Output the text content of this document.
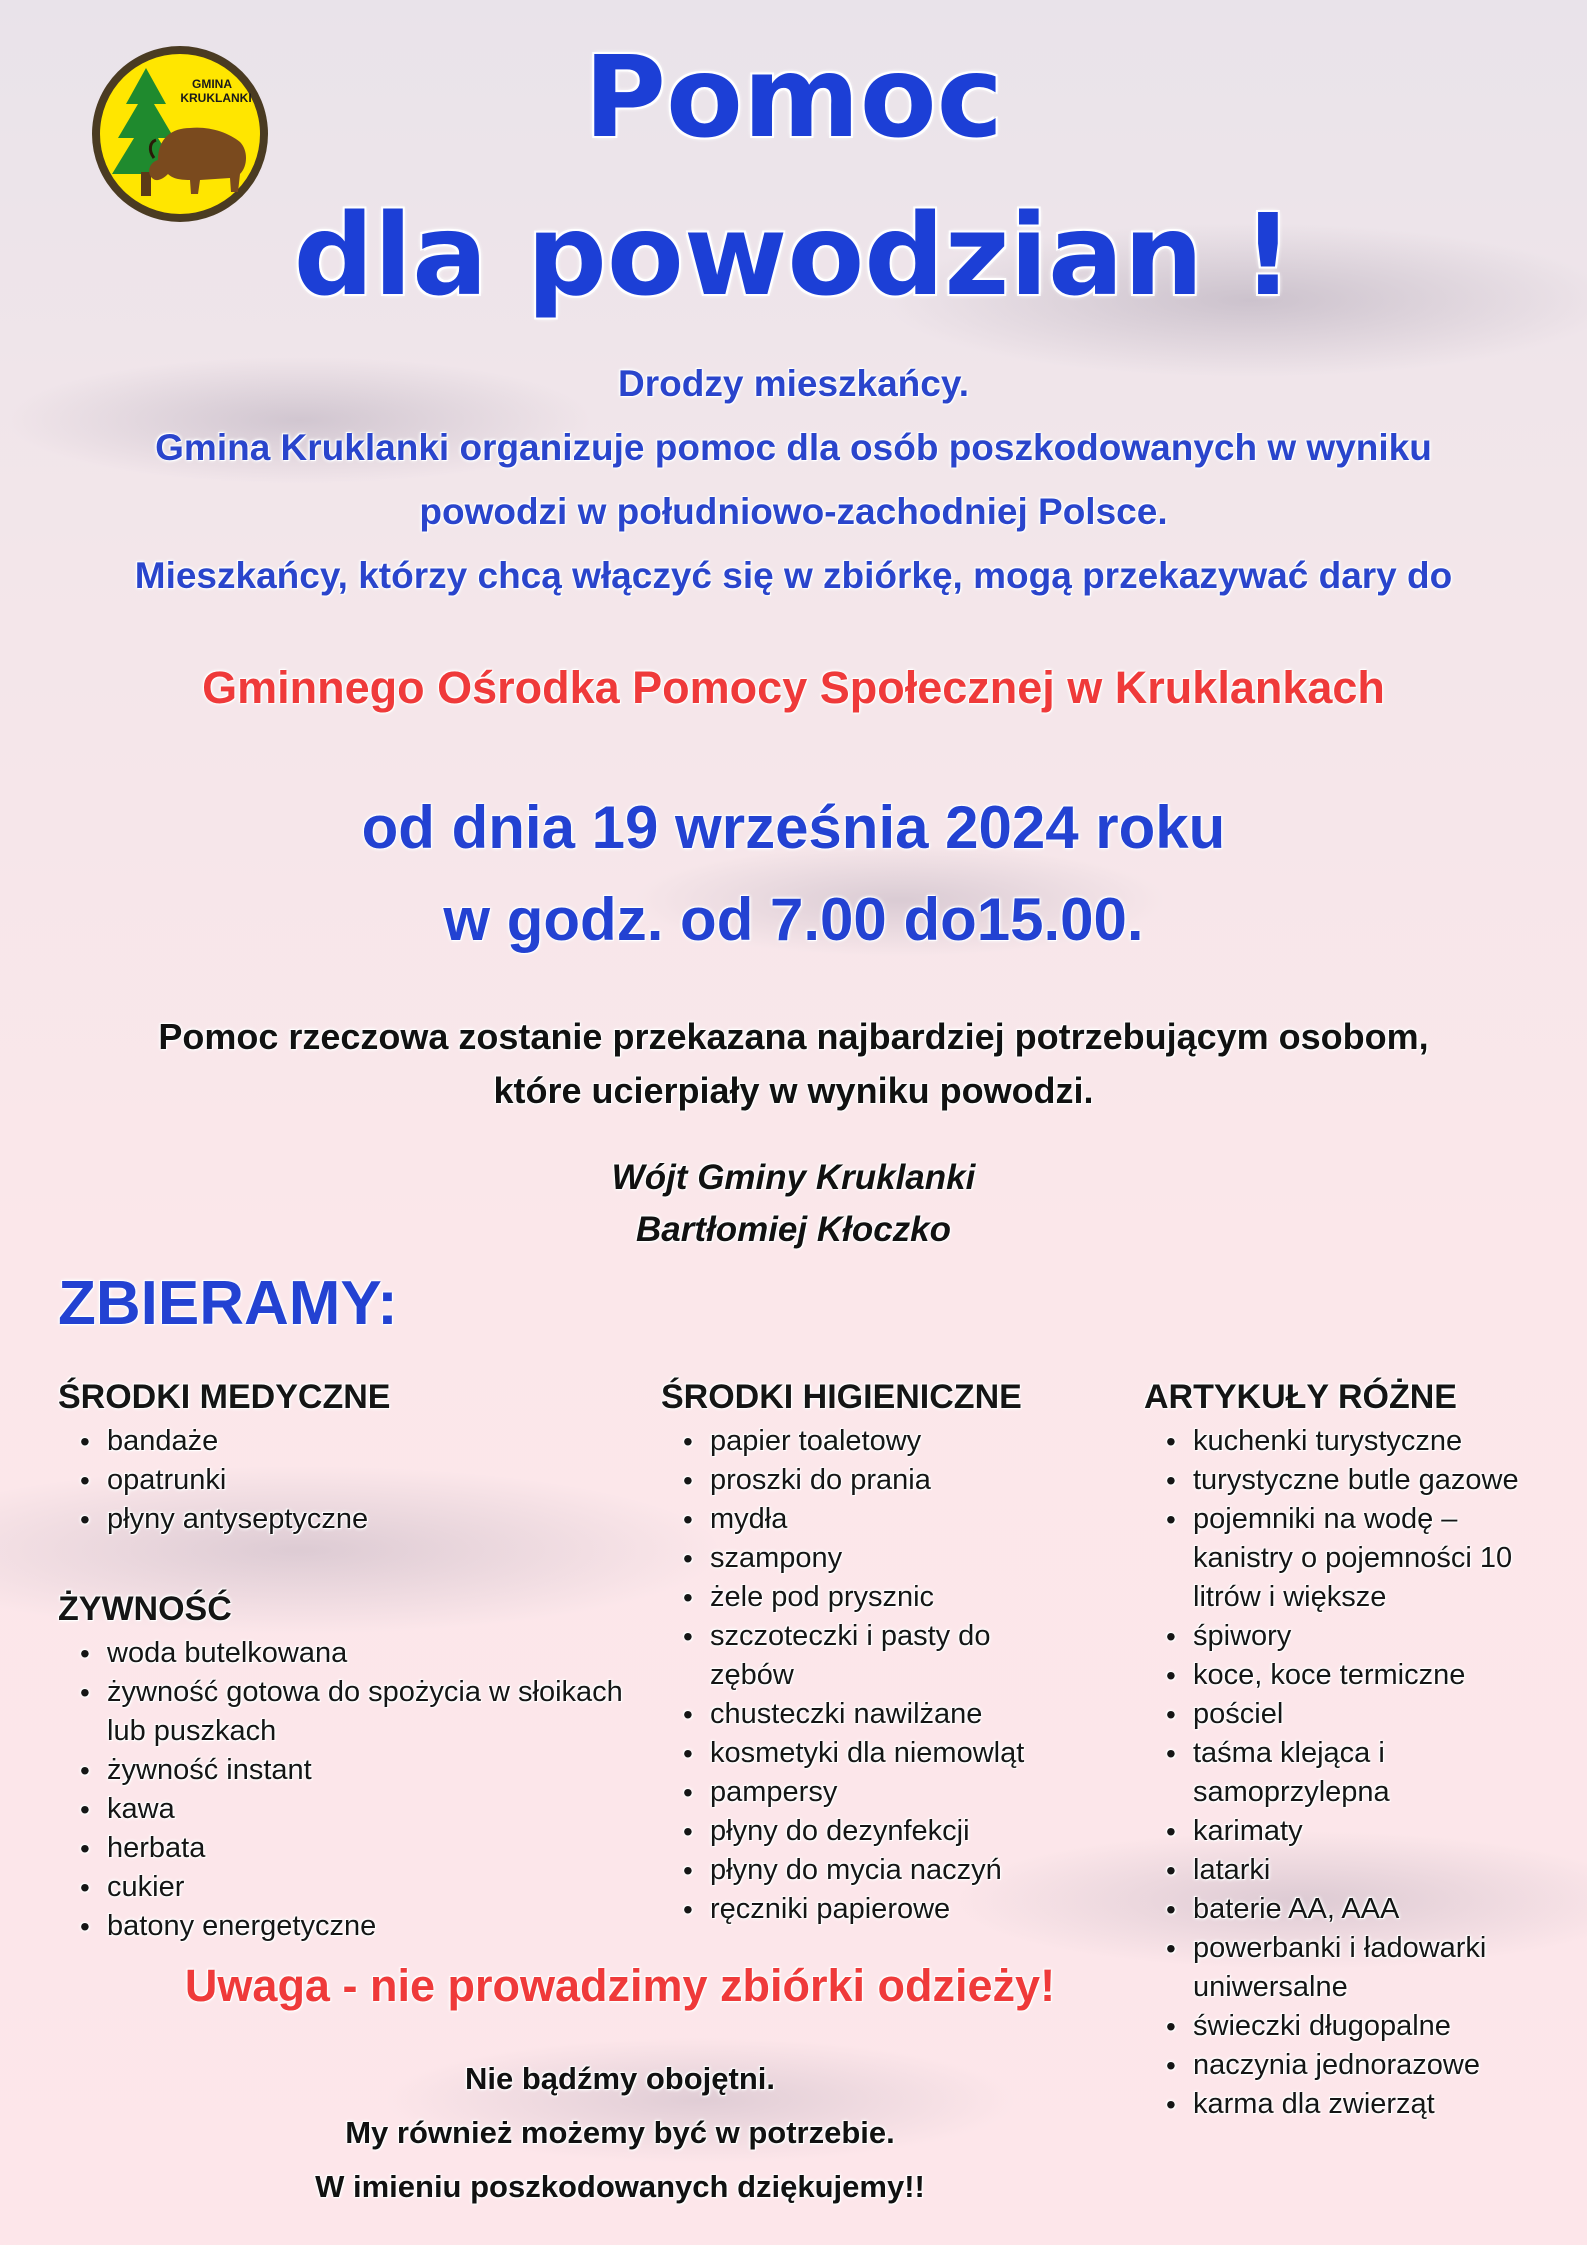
GMINA
KRUKLANKI	Pomoc
dla powodzian !
Drodzy mieszkańcy.
Gmina Kruklanki organizuje pomoc dla osób poszkodowanych w wyniku
powodzi w południowo-zachodniej Polsce.
Mieszkańcy, którzy chcą włączyć się w zbiórkę, mogą przekazywać dary do
Gminnego Ośrodka Pomocy Społecznej w Kruklankach
od dnia 19 września 2024 roku
w godz. od 7.00 do15.00.
Pomoc rzeczowa zostanie przekazana najbardziej potrzebującym osobom,
które ucierpiały w wyniku powodzi.
Wójt Gminy Kruklanki
Bartłomiej Kłoczko
ZBIERAMY:
ŚRODKI MEDYCZNE
• bandaże
• opatrunki
• płyny antyseptyczne
ŻYWNOŚĆ
• woda butelkowana
• żywność gotowa do spożycia w słoikach lub puszkach
• żywność instant
• kawa
• herbata
• cukier
• batony energetyczne
ŚRODKI HIGIENICZNE
• papier toaletowy
• proszki do prania
• mydła
• szampony
• żele pod prysznic
• szczoteczki i pasty do zębów
• chusteczki nawilżane
• kosmetyki dla niemowląt
• pampersy
• płyny do dezynfekcji
• płyny do mycia naczyń
• ręczniki papierowe
ARTYKUŁY RÓŻNE
• kuchenki turystyczne
• turystyczne butle gazowe
• pojemniki na wodę – kanistry o pojemności 10 litrów i większe
• śpiwory
• koce, koce termiczne
• pościel
• taśma klejąca i samoprzylepna
• karimaty
• latarki
• baterie AA, AAA
• powerbanki i ładowarki uniwersalne
• świeczki długopalne
• naczynia jednorazowe
• karma dla zwierząt
Uwaga - nie prowadzimy zbiórki odzieży!
Nie bądźmy obojętni.
My również możemy być w potrzebie.
W imieniu poszkodowanych dziękujemy!!
